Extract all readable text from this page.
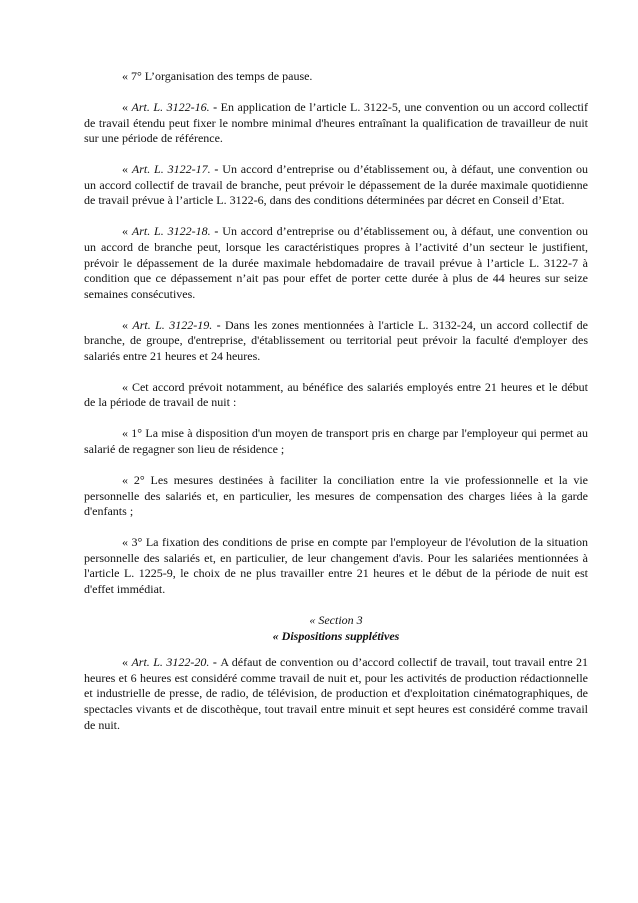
« 7° L’organisation des temps de pause.

« Art. L. 3122-16. - En application de l’article L. 3122-5, une convention ou un accord collectif de travail étendu peut fixer le nombre minimal d'heures entraînant la qualification de travailleur de nuit sur une période de référence.

« Art. L. 3122-17. - Un accord d’entreprise ou d’établissement ou, à défaut, une convention ou un accord collectif de travail de branche, peut prévoir le dépassement de la durée maximale quotidienne de travail prévue à l’article L. 3122-6, dans des conditions déterminées par décret en Conseil d’Etat.

« Art. L. 3122-18. - Un accord d’entreprise ou d’établissement ou, à défaut, une convention ou un accord de branche peut, lorsque les caractéristiques propres à l’activité d’un secteur le justifient, prévoir le dépassement de la durée maximale hebdomadaire de travail prévue à l’article L. 3122-7 à condition que ce dépassement n’ait pas pour effet de porter cette durée à plus de 44 heures sur seize semaines consécutives.

« Art. L. 3122-19. - Dans les zones mentionnées à l'article L. 3132-24, un accord collectif de branche, de groupe, d'entreprise, d'établissement ou territorial peut prévoir la faculté d'employer des salariés entre 21 heures et 24 heures.

« Cet accord prévoit notamment, au bénéfice des salariés employés entre 21 heures et le début de la période de travail de nuit :

« 1° La mise à disposition d'un moyen de transport pris en charge par l'employeur qui permet au salarié de regagner son lieu de résidence ;

« 2° Les mesures destinées à faciliter la conciliation entre la vie professionnelle et la vie personnelle des salariés et, en particulier, les mesures de compensation des charges liées à la garde d'enfants ;

« 3° La fixation des conditions de prise en compte par l'employeur de l'évolution de la situation personnelle des salariés et, en particulier, de leur changement d'avis. Pour les salariées mentionnées à l'article L. 1225-9, le choix de ne plus travailler entre 21 heures et le début de la période de nuit est d'effet immédiat.

« Section 3

« Dispositions supplétives

« Art. L. 3122-20. - A défaut de convention ou d’accord collectif de travail, tout travail entre 21 heures et 6 heures est considéré comme travail de nuit et, pour les activités de production rédactionnelle et industrielle de presse, de radio, de télévision, de production et d'exploitation cinématographiques, de spectacles vivants et de discothèque, tout travail entre minuit et sept heures est considéré comme travail de nuit.
